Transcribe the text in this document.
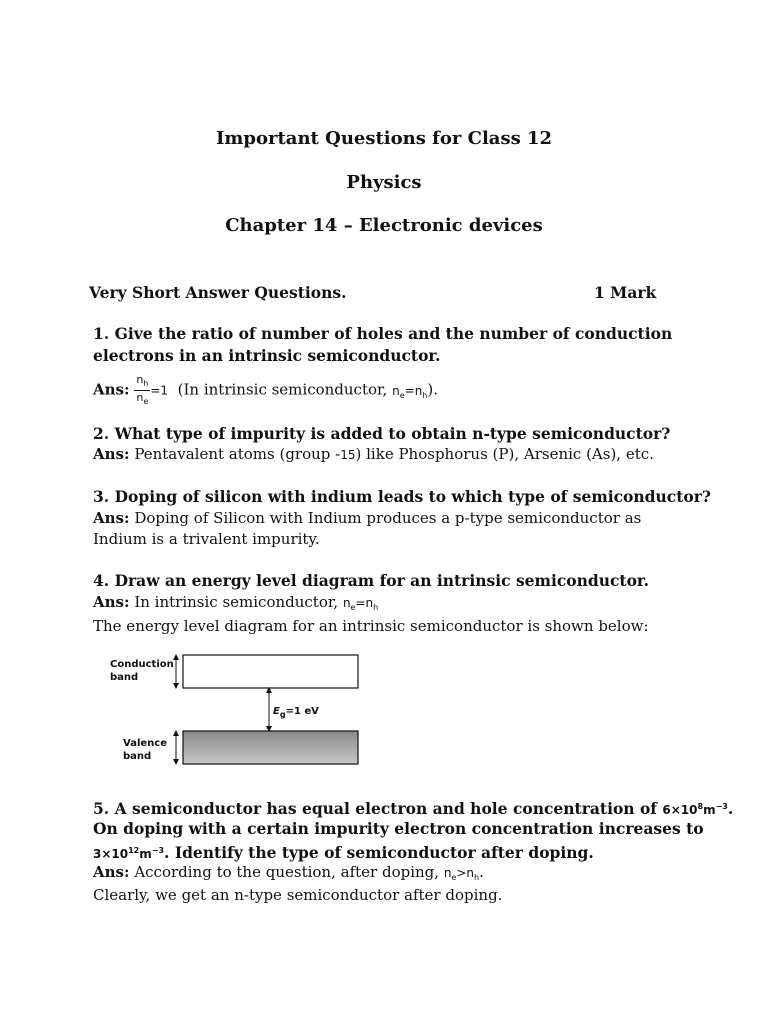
Important Questions for Class 12
Physics
Chapter 14 – Electronic devices
Very Short Answer Questions.	1 Mark
1. Give the ratio of number of holes and the number of conduction
electrons in an intrinsic semiconductor.
Ans: $\frac{n_h}{n_e} =1$ (In intrinsic semiconductor, $n_e=n_h$).
2. What type of impurity is added to obtain n-type semiconductor?
Ans: Pentavalent atoms (group -15) like Phosphorus (P), Arsenic (As), etc.
3. Doping of silicon with indium leads to which type of semiconductor?
Ans: Doping of Silicon with Indium produces a p-type semiconductor as
Indium is a trivalent impurity.
4. Draw an energy level diagram for an intrinsic semiconductor.
Ans: In intrinsic semiconductor, $n_e=n_h$
The energy level diagram for an intrinsic semiconductor is shown below:
Conduction
band
Valence
band
$E_g=1$ eV
5. A semiconductor has equal electron and hole concentration of $6\times 10^8m^{-3}$.
On doping with a certain impurity electron concentration increases to
$3\times 10^{12}m^{-3}$. Identify the type of semiconductor after doping.
Ans: According to the question, after doping, $n_e>n_h$.
Clearly, we get an n-type semiconductor after doping.
